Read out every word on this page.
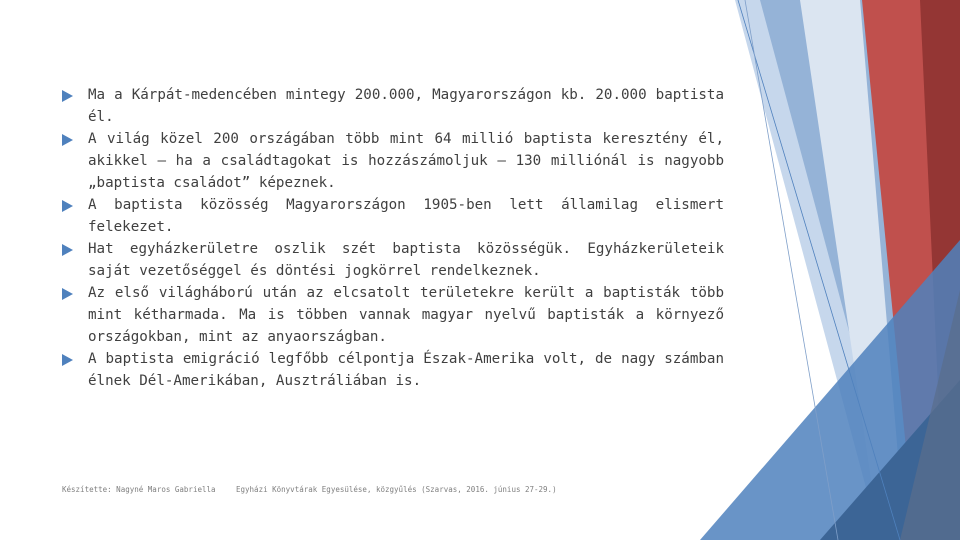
Ma a Kárpát-medencében mintegy 200.000, Magyarországon kb. 20.000 baptista él.
A világ közel 200 országában több mint 64 millió baptista keresztény él, akikkel – ha a családtagokat is hozzászámoljuk – 130 milliónál is nagyobb „baptista családot” képeznek.
A baptista közösség Magyarországon 1905-ben lett államilag elismert felekezet.
Hat egyházkerületre oszlik szét baptista közösségük. Egyházkerületeik saját vezetőséggel és döntési jogkörrel rendelkeznek.
Az első világháború után az elcsatolt területekre került a baptisták több mint kétharmada. Ma is többen vannak magyar nyelvű baptisták a környező országokban, mint az anyaországban.
A baptista emigráció legfőbb célpontja Észak-Amerika volt, de nagy számban élnek Dél-Amerikában, Ausztráliában is.
Készítette: Nagyné Maros Gabriella	Egyházi Könyvtárak Egyesülése, közgyűlés (Szarvas, 2016. június 27-29.)
